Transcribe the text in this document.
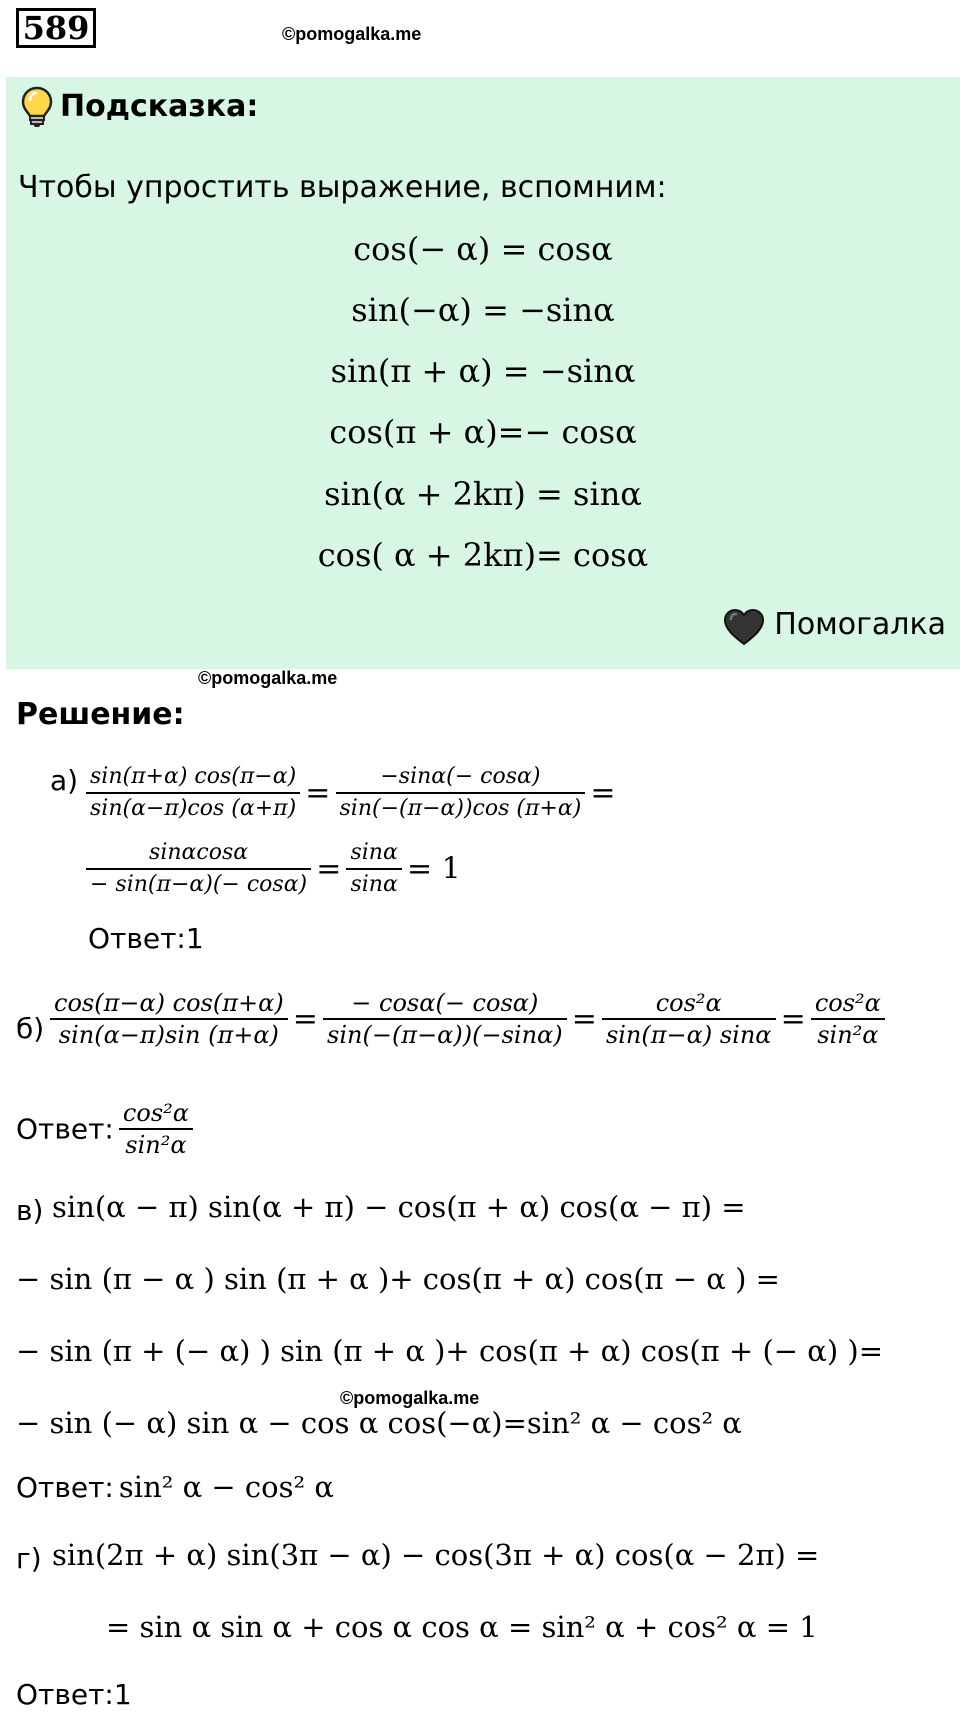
589	©pomogalka.me
Подсказка:
Чтобы упростить выражение, вспомним:
cos(− α) = cosα
sin(−α) = −sinα
sin(π + α) = −sinα
cos(π + α)=− cosα
sin(α + 2kπ) = sinα
cos( α + 2kπ)= cosα
Помогалка
©pomogalka.me
Решение:
$а) \frac{\sin(\pi+\alpha) \cos(\pi-\alpha)}{\sin(\alpha-\pi)\cos (\alpha+\pi)} = \frac{-\sin\alpha(- \cos\alpha)}{\sin(-(\pi-\alpha))\cos (\pi+\alpha)}$ =
$\frac{\sin\alpha\cos\alpha}{- \sin(\pi-\alpha)(- \cos\alpha)} = \frac{\sin\alpha}{\sin\alpha} = 1$
Ответ:1
$б) \frac{\cos(\pi-\alpha) \cos(\pi+\alpha)}{\sin(\alpha-\pi)\sin (\pi+\alpha)} = \frac{- \cos\alpha(- \cos\alpha)}{\sin(-(\pi-\alpha))(-\sin\alpha)} = \frac{\text{cos²α}}{\sin(\pi-\alpha) \sin\alpha} = \frac{\text{cos²α}}{\text{sin²α}}$
Ответ: $\frac{\text{cos²α}}{\text{sin²α}}$
в) sin(α − π) sin(α + π) − cos(π + α) cos(α − π) =
− sin (π − α ) sin (π + α )+ cos(π + α) cos(π − α ) =
− sin (π + (− α) ) sin (π + α )+ cos(π + α) cos(π + (− α) )=
©pomogalka.me
− sin (− α) sin α − cos α cos(−α)=sin² α − cos² α
Ответ: sin² α − cos² α
г) sin(2π + α) sin(3π − α) − cos(3π + α) cos(α − 2π) =
= sin α sin α + cos α cos α = sin² α + cos² α = 1
Ответ:1
